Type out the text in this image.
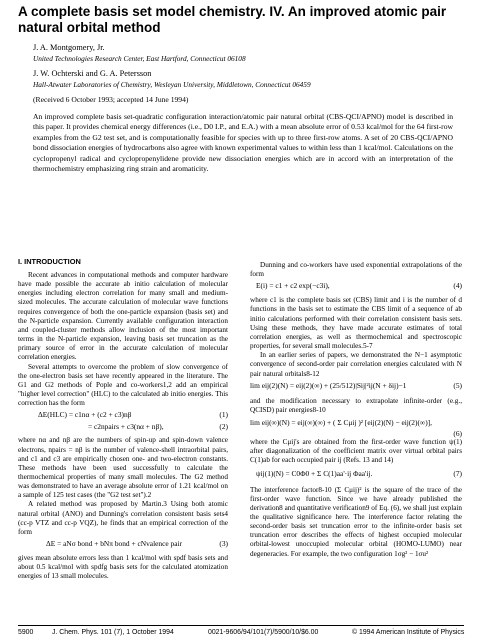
A complete basis set model chemistry. IV. An improved atomic pair natural orbital method
J. A. Montgomery, Jr.
United Technologies Research Center, East Hartford, Connecticut 06108
J. W. Ochterski and G. A. Petersson
Hall-Atwater Laboratories of Chemistry, Wesleyan University, Middletown, Connecticut 06459
(Received 6 October 1993; accepted 14 June 1994)
An improved complete basis set-quadratic configuration interaction/atomic pair natural orbital (CBS-QCI/APNO) model is described in this paper. It provides chemical energy differences (i.e., D0 I.P., and E.A.) with a mean absolute error of 0.53 kcal/mol for the 64 first-row examples from the G2 test set, and is computationally feasible for species with up to three first-row atoms. A set of 20 CBS-QCI/APNO bond dissociation energies of hydrocarbons also agree with known experimental values to within less than 1 kcal/mol. Calculations on the cyclopropenyl radical and cyclopropenylidene provide new dissociation energies which are in accord with an interpretation of the thermochemistry emphasizing ring strain and aromaticity.
I. INTRODUCTION

Recent advances in computational methods and computer hardware have made possible the accurate ab initio calculation of molecular energies including electron correlation for many small and medium-sized molecules. The accurate calculation of molecular wave functions requires convergence of both the one-particle expansion (basis set) and the N-particle expansion. Currently available configuration interaction and coupled-cluster methods allow inclusion of the most important terms in the N-particle expansion, leaving basis set truncation as the primary source of error in the accurate calculation of molecular correlation energies.

Several attempts to overcome the problem of slow convergence of the one-electron basis set have recently appeared in the literature. The G1 and G2 methods of Pople and co-workers1,2 add an empirical "higher level correction" (HLC) to the calculated ab initio energies. This correction has the form

ΔE(HLC) = c1nα + (c2 + c3)nβ	(1)
= c2npairs + c3(nα + nβ),	(2)

where nα and nβ are the numbers of spin-up and spin-down valence electrons, npairs = nβ is the number of valence-shell intraorbital pairs, and c1 and c3 are empirically chosen one- and two-electron constants. These methods have been used successfully to calculate the thermochemical properties of many small molecules. The G2 method was demonstrated to have an average absolute error of 1.21 kcal/mol on a sample of 125 test cases (the "G2 test set").2

A related method was proposed by Martin.3 Using both atomic natural orbital (ANO) and Dunning's correlation consistent basis sets4 (cc-p VTZ and cc-p VQZ), he finds that an empirical correction of the form

ΔE = aNσ bond + bNπ bond + cNvalence pair	(3)

gives mean absolute errors less than 1 kcal/mol with spdf basis sets and about 0.5 kcal/mol with spdfg basis sets for the calculated atomization energies of 13 small molecules.

Dunning and co-workers have used exponential extrapolations of the form

E(i) = c1 + c2 exp(−c3i),	(4)

where c1 is the complete basis set (CBS) limit and i is the number of d functions in the basis set to estimate the CBS limit of a sequence of ab initio calculations performed with their correlation consistent basis sets. Using these methods, they have made accurate estimates of total correlation energies, as well as thermochemical and spectroscopic properties, for several small molecules.5-7

In an earlier series of papers, we demonstrated the N−1 asymptotic convergence of second-order pair correlation energies calculated with N pair natural orbitals8-12

lim eij(2)(N) = eij(2)(∞) + (25/512)|Sij|²ij(N + δij)−1	(5)

and the modification necessary to extrapolate infinite-order (e.g., QCISD) pair energies8-10

lim eij(∞)(N) = eij(∞)(∞) + ( Σ Cμij )² [eij(2)(N) − eij(2)(∞)],
(6)

where the Cμij's are obtained from the first-order wave function ψ(1) after diagonalization of the coefficient matrix over virtual orbital pairs C(1)ab for each occupied pair ij (Refs. 13 and 14)

ψij(1)(N) = C0Φ0 + Σ C(1)aa'·ij Φaa'ij.	(7)

The interference factor8-10 (Σ Cμij)² is the square of the trace of the first-order wave function. Since we have already published the derivation8 and quantitative verification9 of Eq. (6), we shall just explain the qualitative significance here. The interference factor relating the second-order basis set truncation error to the infinite-order basis set truncation error describes the effects of highest occupied molecular orbital-lowest unoccupied molecular orbital (HOMO-LUMO) near degeneracies. For example, the two configuration 1σg² − 1σu²

5900	J. Chem. Phys. 101 (7), 1 October 1994	0021-9606/94/101(7)/5900/10/$6.00	© 1994 American Institute of Physics
